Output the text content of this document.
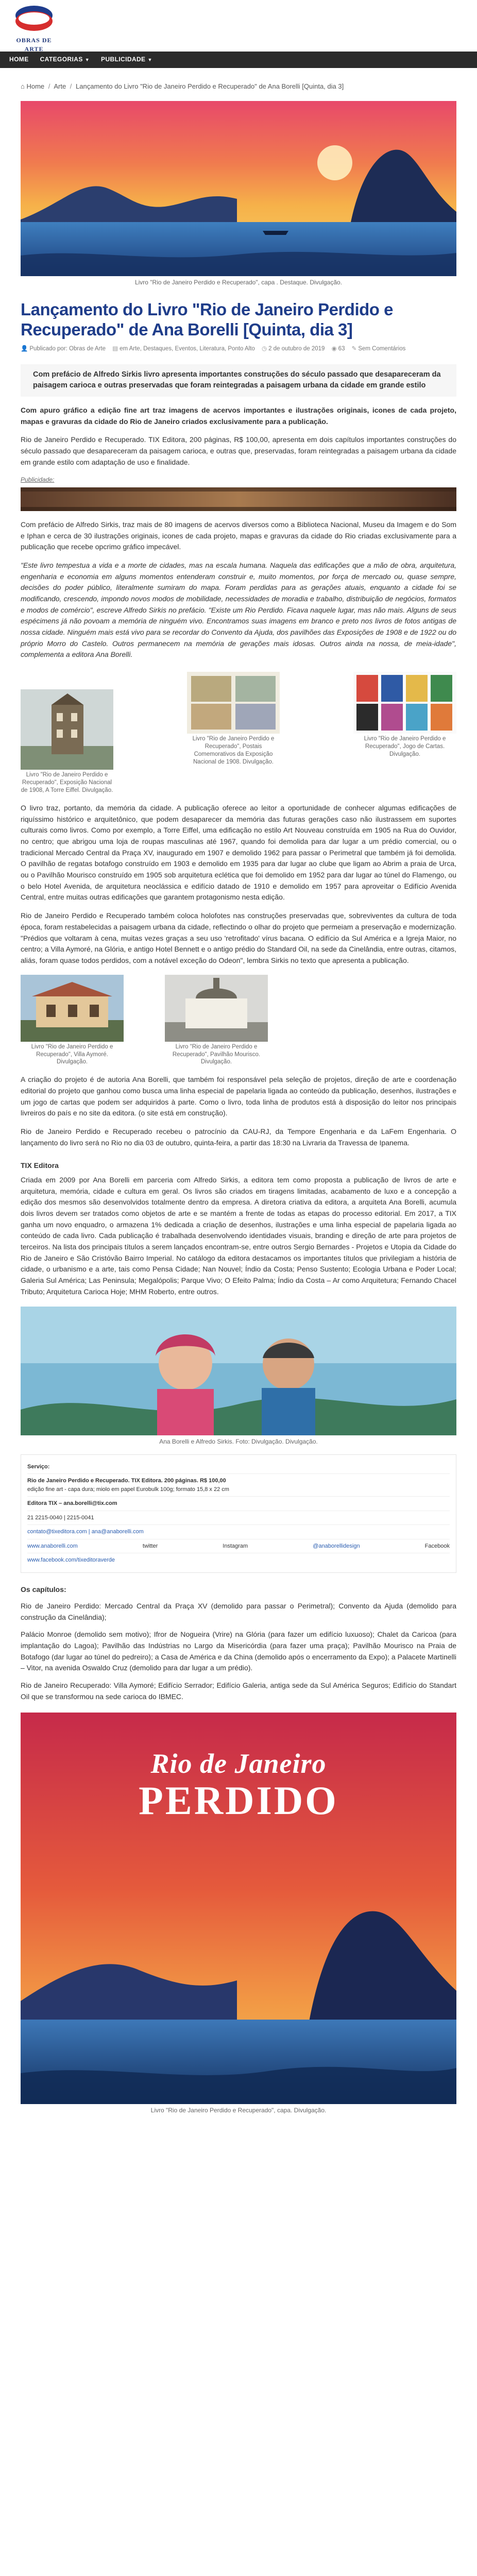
OBRAS DE ARTE
HOME CATEGORIAS ▼ PUBLICIDADE ▼
⌂ Home / Arte / Lançamento do Livro "Rio de Janeiro Perdido e Recuperado" de Ana Borelli [Quinta, dia 3]
Livro "Rio de Janeiro Perdido e Recuperado", capa . Destaque. Divulgação.
Lançamento do Livro "Rio de Janeiro Perdido e Recuperado" de Ana Borelli [Quinta, dia 3]
👤 Publicado por: Obras de Arte ▤ em Arte, Destaques, Eventos, Literatura, Ponto Alto ◷ 2 de outubro de 2019 ◉ 63 ✎ Sem Comentários

Com prefácio de Alfredo Sirkis livro apresenta importantes construções do século passado que desapareceram da paisagem carioca e outras preservadas que foram reintegradas a paisagem urbana da cidade em grande estilo

Com apuro gráfico a edição fine art traz imagens de acervos importantes e ilustrações originais, icones de cada projeto, mapas e gravuras da cidade do Rio de Janeiro criados exclusivamente para a publicação.

Rio de Janeiro Perdido e Recuperado. TIX Editora, 200 páginas, R$ 100,00, apresenta em dois capítulos importantes construções do século passado que desapareceram da paisagem carioca, e outras que, preservadas, foram reintegradas a paisagem urbana da cidade em grande estilo com adaptação de uso e finalidade.

Publicidade:

Com prefácio de Alfredo Sirkis, traz mais de 80 imagens de acervos diversos como a Biblioteca Nacional, Museu da Imagem e do Som e Iphan e cerca de 30 ilustrações originais, icones de cada projeto, mapas e gravuras da cidade do Rio criadas exclusivamente para a publicação que recebe opcrimo gráfico impecável.

"Este livro tempestua a vida e a morte de cidades, mas na escala humana. Naquela das edificações que a mão de obra, arquitetura, engenharia e economia em alguns momentos entenderam construir e, muito momentos, por força de mercado ou, quase sempre, decisões do poder público, literalmente sumiram do mapa. Foram perdidas para as gerações atuais, enquanto a cidade foi se modificando, crescendo, impondo novos modos de mobilidade, necessidades de moradia e trabalho, distribuição de negócios, formatos e modos de comércio", escreve Alfredo Sirkis no prefácio. "Existe um Rio Perdido. Ficava naquele lugar, mas não mais. Alguns de seus espécimens já não povoam a memória de ninguém vivo. Encontramos suas imagens em branco e preto nos livros de fotos antigas de nossa cidade. Ninguém mais está vivo para se recordar do Convento da Ajuda, dos pavilhões das Exposições de 1908 e de 1922 ou do próprio Morro do Castelo. Outros permanecem na memória de gerações mais idosas. Outros ainda na nossa, de meia-idade", complementa a editora Ana Borelli.

Livro "Rio de Janeiro Perdido e Recuperado", Exposição Nacional de 1908, A Torre Eiffel. Divulgação.
Livro "Rio de Janeiro Perdido e Recuperado", Postais Comemorativos da Exposição Nacional de 1908. Divulgação.
Livro "Rio de Janeiro Perdido e Recuperado", Jogo de Cartas. Divulgação.

O livro traz, portanto, da memória da cidade. A publicação oferece ao leitor a oportunidade de conhecer algumas edificações de riquíssimo histórico e arquitetônico, que podem desaparecer da memória das futuras gerações caso não ilustrassem em suportes culturais como livros. Como por exemplo, a Torre Eiffel, uma edificação no estilo Art Nouveau construída em 1905 na Rua do Ouvidor, no centro; que abrigou uma loja de roupas masculinas até 1967, quando foi demolida para dar lugar a um prédio comercial, ou o tradicional Mercado Central da Praça XV, inaugurado em 1907 e demolido 1962 para passar o Perimetral que também já foi demolida. O pavilhão de regatas botafogo construído em 1903 e demolido em 1935 para dar lugar ao clube que ligam ao Abrim a praia de Urca, ou o Pavilhão Mourisco construído em 1905 sob arquitetura eclética que foi demolido em 1952 para dar lugar ao túnel do Flamengo, ou o belo Hotel Avenida, de arquitetura neoclássica e edifício datado de 1910 e demolido em 1957 para aproveitar o Edifício Avenida Central, entre muitas outras edificações que garantem protagonismo nesta edição.

Rio de Janeiro Perdido e Recuperado também coloca holofotes nas construções preservadas que, sobreviventes da cultura de toda época, foram restabelecidas a paisagem urbana da cidade, reflectindo o olhar do projeto que permeiam a preservação e modernização. "Prédios que voltaram à cena, muitas vezes graças a seu uso 'retrofitado' vírus bacana. O edifício da Sul América e a Igreja Maior, no centro; a Villa Aymoré, na Glória, e antigo Hotel Bennett e o antigo prédio do Standard Oil, na sede da Cinelândia, entre outras, citamos, aliás, foram quase todos perdidos, com a notável exceção do Odeon", lembra Sirkis no texto que apresenta a publicação.

Livro "Rio de Janeiro Perdido e Recuperado", Villa Aymoré. Divulgação.
Livro "Rio de Janeiro Perdido e Recuperado", Pavilhão Mourisco. Divulgação.

A criação do projeto é de autoria Ana Borelli, que também foi responsável pela seleção de projetos, direção de arte e coordenação editorial do projeto que ganhou como busca uma linha especial de papelaria ligada ao conteúdo da publicação, desenhos, ilustrações e um jogo de cartas que podem ser adquiridos à parte. Como o livro, toda linha de produtos está à disposição do leitor nos principais livreiros do país e no site da editora. (o site está em construção).

Rio de Janeiro Perdido e Recuperado recebeu o patrocínio da CAU-RJ, da Tempore Engenharia e da LaFem Engenharia. O lançamento do livro será no Rio no dia 03 de outubro, quinta-feira, a partir das 18:30 na Livraria da Travessa de Ipanema.

TIX Editora

Criada em 2009 por Ana Borelli em parceria com Alfredo Sirkis, a editora tem como proposta a publicação de livros de arte e arquitetura, memória, cidade e cultura em geral. Os livros são criados em tiragens limitadas, acabamento de luxo e a concepção a edição dos mesmos são desenvolvidos totalmente dentro da empresa. A diretora criativa da editora, a arquiteta Ana Borelli, acumula dois livros devem ser tratados como objetos de arte e se mantém a frente de todas as etapas do processo editorial. Em 2017, a TIX ganha um novo enquadro, o armazena 1% dedicada a criação de desenhos, ilustrações e uma linha especial de papelaria ligada ao conteúdo de cada livro. Cada publicação é trabalhada desenvolvendo identidades visuais, branding e direção de arte para projetos de terceiros. Na lista dos principais títulos a serem lançados encontram-se, entre outros Sergio Bernardes - Projetos e Utopia da Cidade do Rio de Janeiro e São Cristóvão Bairro Imperial. No catálogo da editora destacamos os importantes títulos que privilegiam a história de cidade, o urbanismo e a arte, tais como Pensa Cidade; Nan Nouvel; Índio da Costa; Penso Sustento; Ecologia Urbana e Poder Local; Galeria Sul América; Las Peninsula; Megalópolis; Parque Vivo; O Efeito Palma; Índio da Costa – Ar como Arquitetura; Fernando Chacel Tributo; Arquitetura Carioca Hoje; MHM Roberto, entre outros.

Ana Borelli e Alfredo Sirkis. Foto: Divulgação. Divulgação.
Serviço:
Rio de Janeiro Perdido e Recuperado. TIX Editora. 200 páginas. R$ 100,00
edição fine art - capa dura; miolo em papel Eurobulk 100g; formato 15,8 x 22 cm
Editora TIX – ana.borelli@tix.com
21 2215-0040 | 2215-0041
contato@tixeditora.com | ana@anaborelli.com
www.anaborelli.com	twitter	Instagram	@anaborellidesign	Facebook
www.facebook.com/tixeditoraverde
Os capítulos:

Rio de Janeiro Perdido: Mercado Central da Praça XV (demolido para passar o Perimetral); Convento da Ajuda (demolido para construção da Cinelândia);

Palácio Monroe (demolido sem motivo); Ifror de Nogueira (Vrire) na Glória (para fazer um edifício luxuoso); Chalet da Caricoa (para implantação do Lagoa); Pavilhão das Indústrias no Largo da Misericórdia (para fazer uma praça); Pavilhão Mourisco na Praia de Botafogo (dar lugar ao túnel do pedreiro); a Casa de América e da China (demolido após o encerramento da Expo); a Palacete Martinelli – Vitor, na avenida Oswaldo Cruz (demolido para dar lugar a um prédio).

Rio de Janeiro Recuperado: Villa Aymoré; Edifício Serrador; Edifício Galeria, antiga sede da Sul América Seguros; Edifício do Standart Oil que se transformou na sede carioca do IBMEC.

Rio de Janeiro
PERDIDO
Livro "Rio de Janeiro Perdido e Recuperado", capa. Divulgação.
